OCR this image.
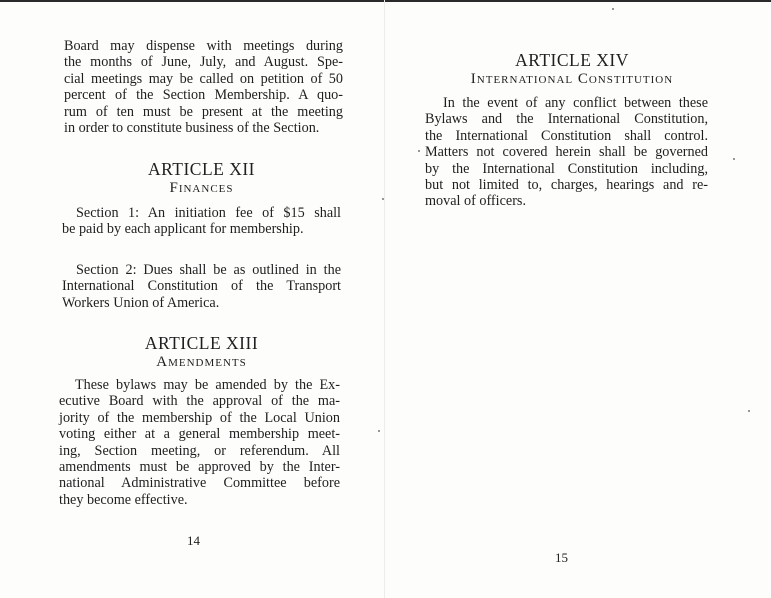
Board may dispense with meetings during
the months of June, July, and August. Spe-
cial meetings may be called on petition of 50
percent of the Section Membership. A quo-
rum of ten must be present at the meeting
in order to constitute business of the Section.
ARTICLE XII
Finances
Section 1: An initiation fee of $15 shall
be paid by each applicant for membership.
Section 2: Dues shall be as outlined in the
International Constitution of the Transport
Workers Union of America.
ARTICLE XIII
Amendments
These bylaws may be amended by the Ex-
ecutive Board with the approval of the ma-
jority of the membership of the Local Union
voting either at a general membership meet-
ing, Section meeting, or referendum. All
amendments must be approved by the Inter-
national Administrative Committee before
they become effective.
14
ARTICLE XIV
International Constitution
In the event of any conflict between these
Bylaws and the International Constitution,
the International Constitution shall control.
Matters not covered herein shall be governed
by the International Constitution including,
but not limited to, charges, hearings and re-
moval of officers.
15
